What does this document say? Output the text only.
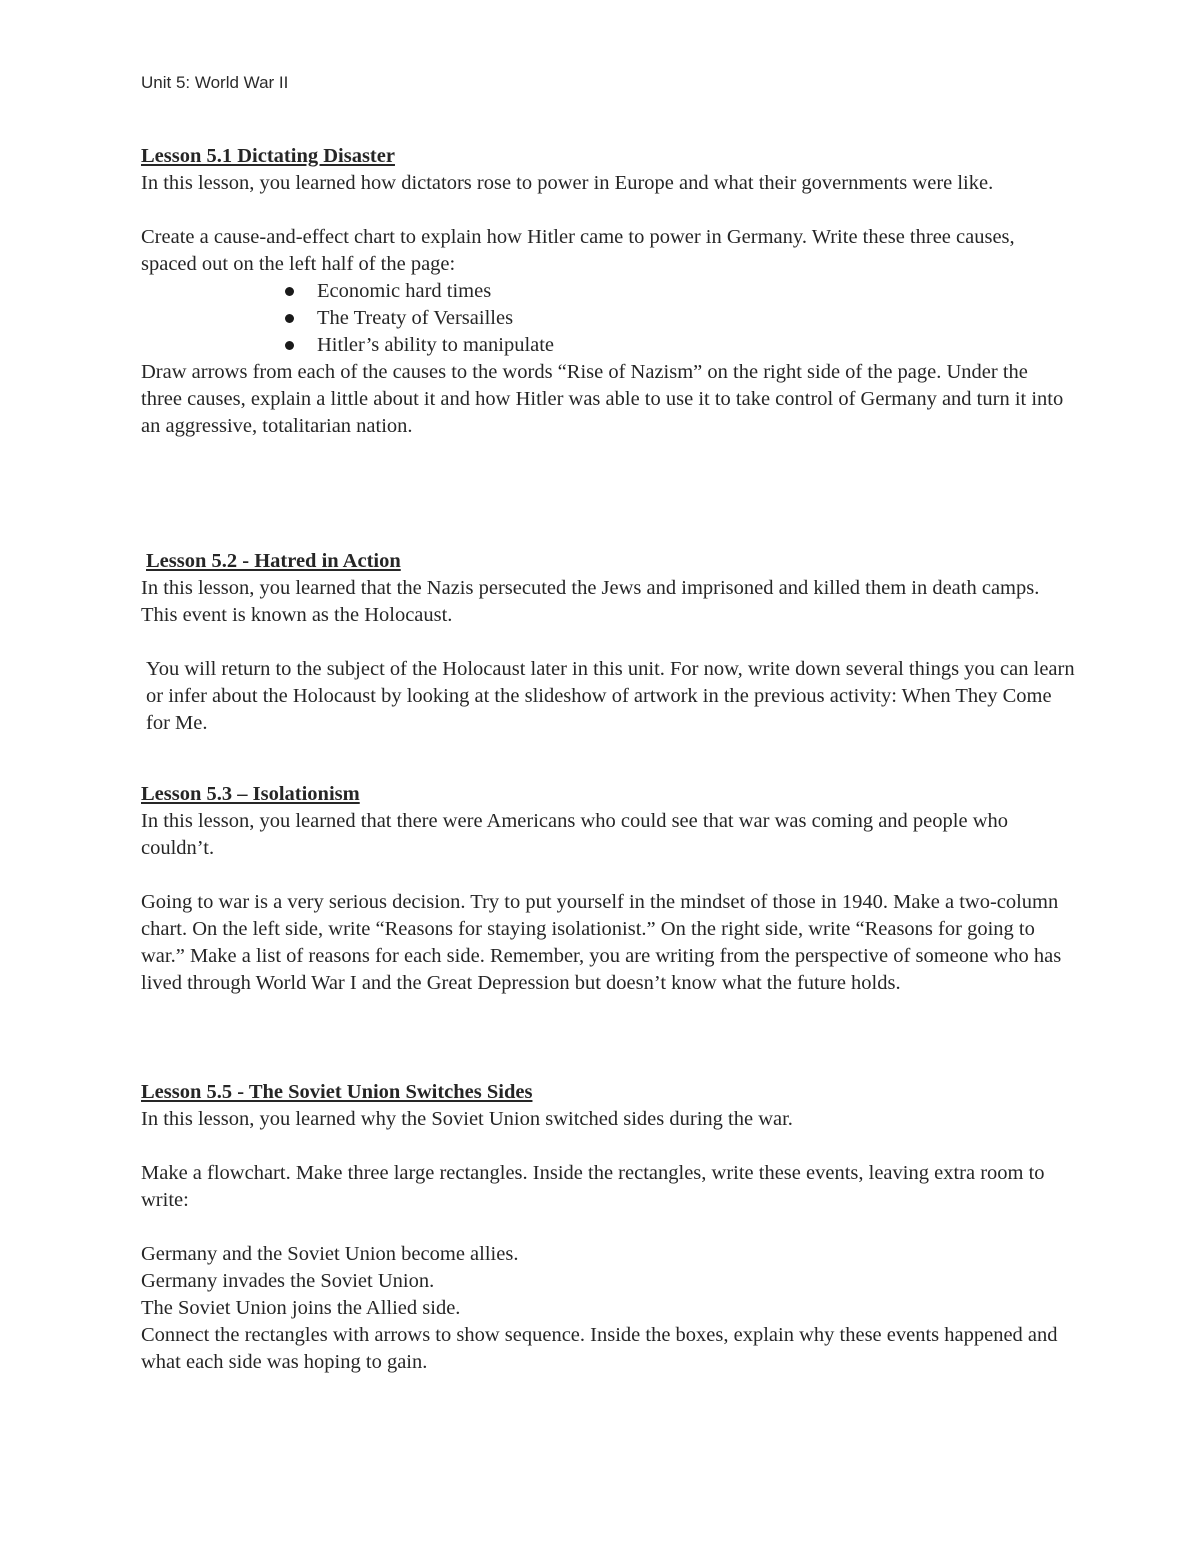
Unit 5: World War II

Lesson 5.1 Dictating Disaster

In this lesson, you learned how dictators rose to power in Europe and what their governments were like.

Create a cause-and-effect chart to explain how Hitler came to power in Germany. Write these three causes, spaced out on the left half of the page:

Economic hard times
The Treaty of Versailles
Hitler’s ability to manipulate

Draw arrows from each of the causes to the words “Rise of Nazism” on the right side of the page. Under the three causes, explain a little about it and how Hitler was able to use it to take control of Germany and turn it into an aggressive, totalitarian nation.

Lesson 5.2 - Hatred in Action

In this lesson, you learned that the Nazis persecuted the Jews and imprisoned and killed them in death camps. This event is known as the Holocaust.

You will return to the subject of the Holocaust later in this unit. For now, write down several things you can learn or infer about the Holocaust by looking at the slideshow of artwork in the previous activity: When They Come for Me.

Lesson 5.3 – Isolationism

In this lesson, you learned that there were Americans who could see that war was coming and people who couldn’t.

Going to war is a very serious decision. Try to put yourself in the mindset of those in 1940. Make a two-column chart. On the left side, write “Reasons for staying isolationist.” On the right side, write “Reasons for going to war.” Make a list of reasons for each side. Remember, you are writing from the perspective of someone who has lived through World War I and the Great Depression but doesn’t know what the future holds.

Lesson 5.5 - The Soviet Union Switches Sides

In this lesson, you learned why the Soviet Union switched sides during the war.

Make a flowchart. Make three large rectangles. Inside the rectangles, write these events, leaving extra room to write:

Germany and the Soviet Union become allies.

Germany invades the Soviet Union.

The Soviet Union joins the Allied side.

Connect the rectangles with arrows to show sequence. Inside the boxes, explain why these events happened and what each side was hoping to gain.
